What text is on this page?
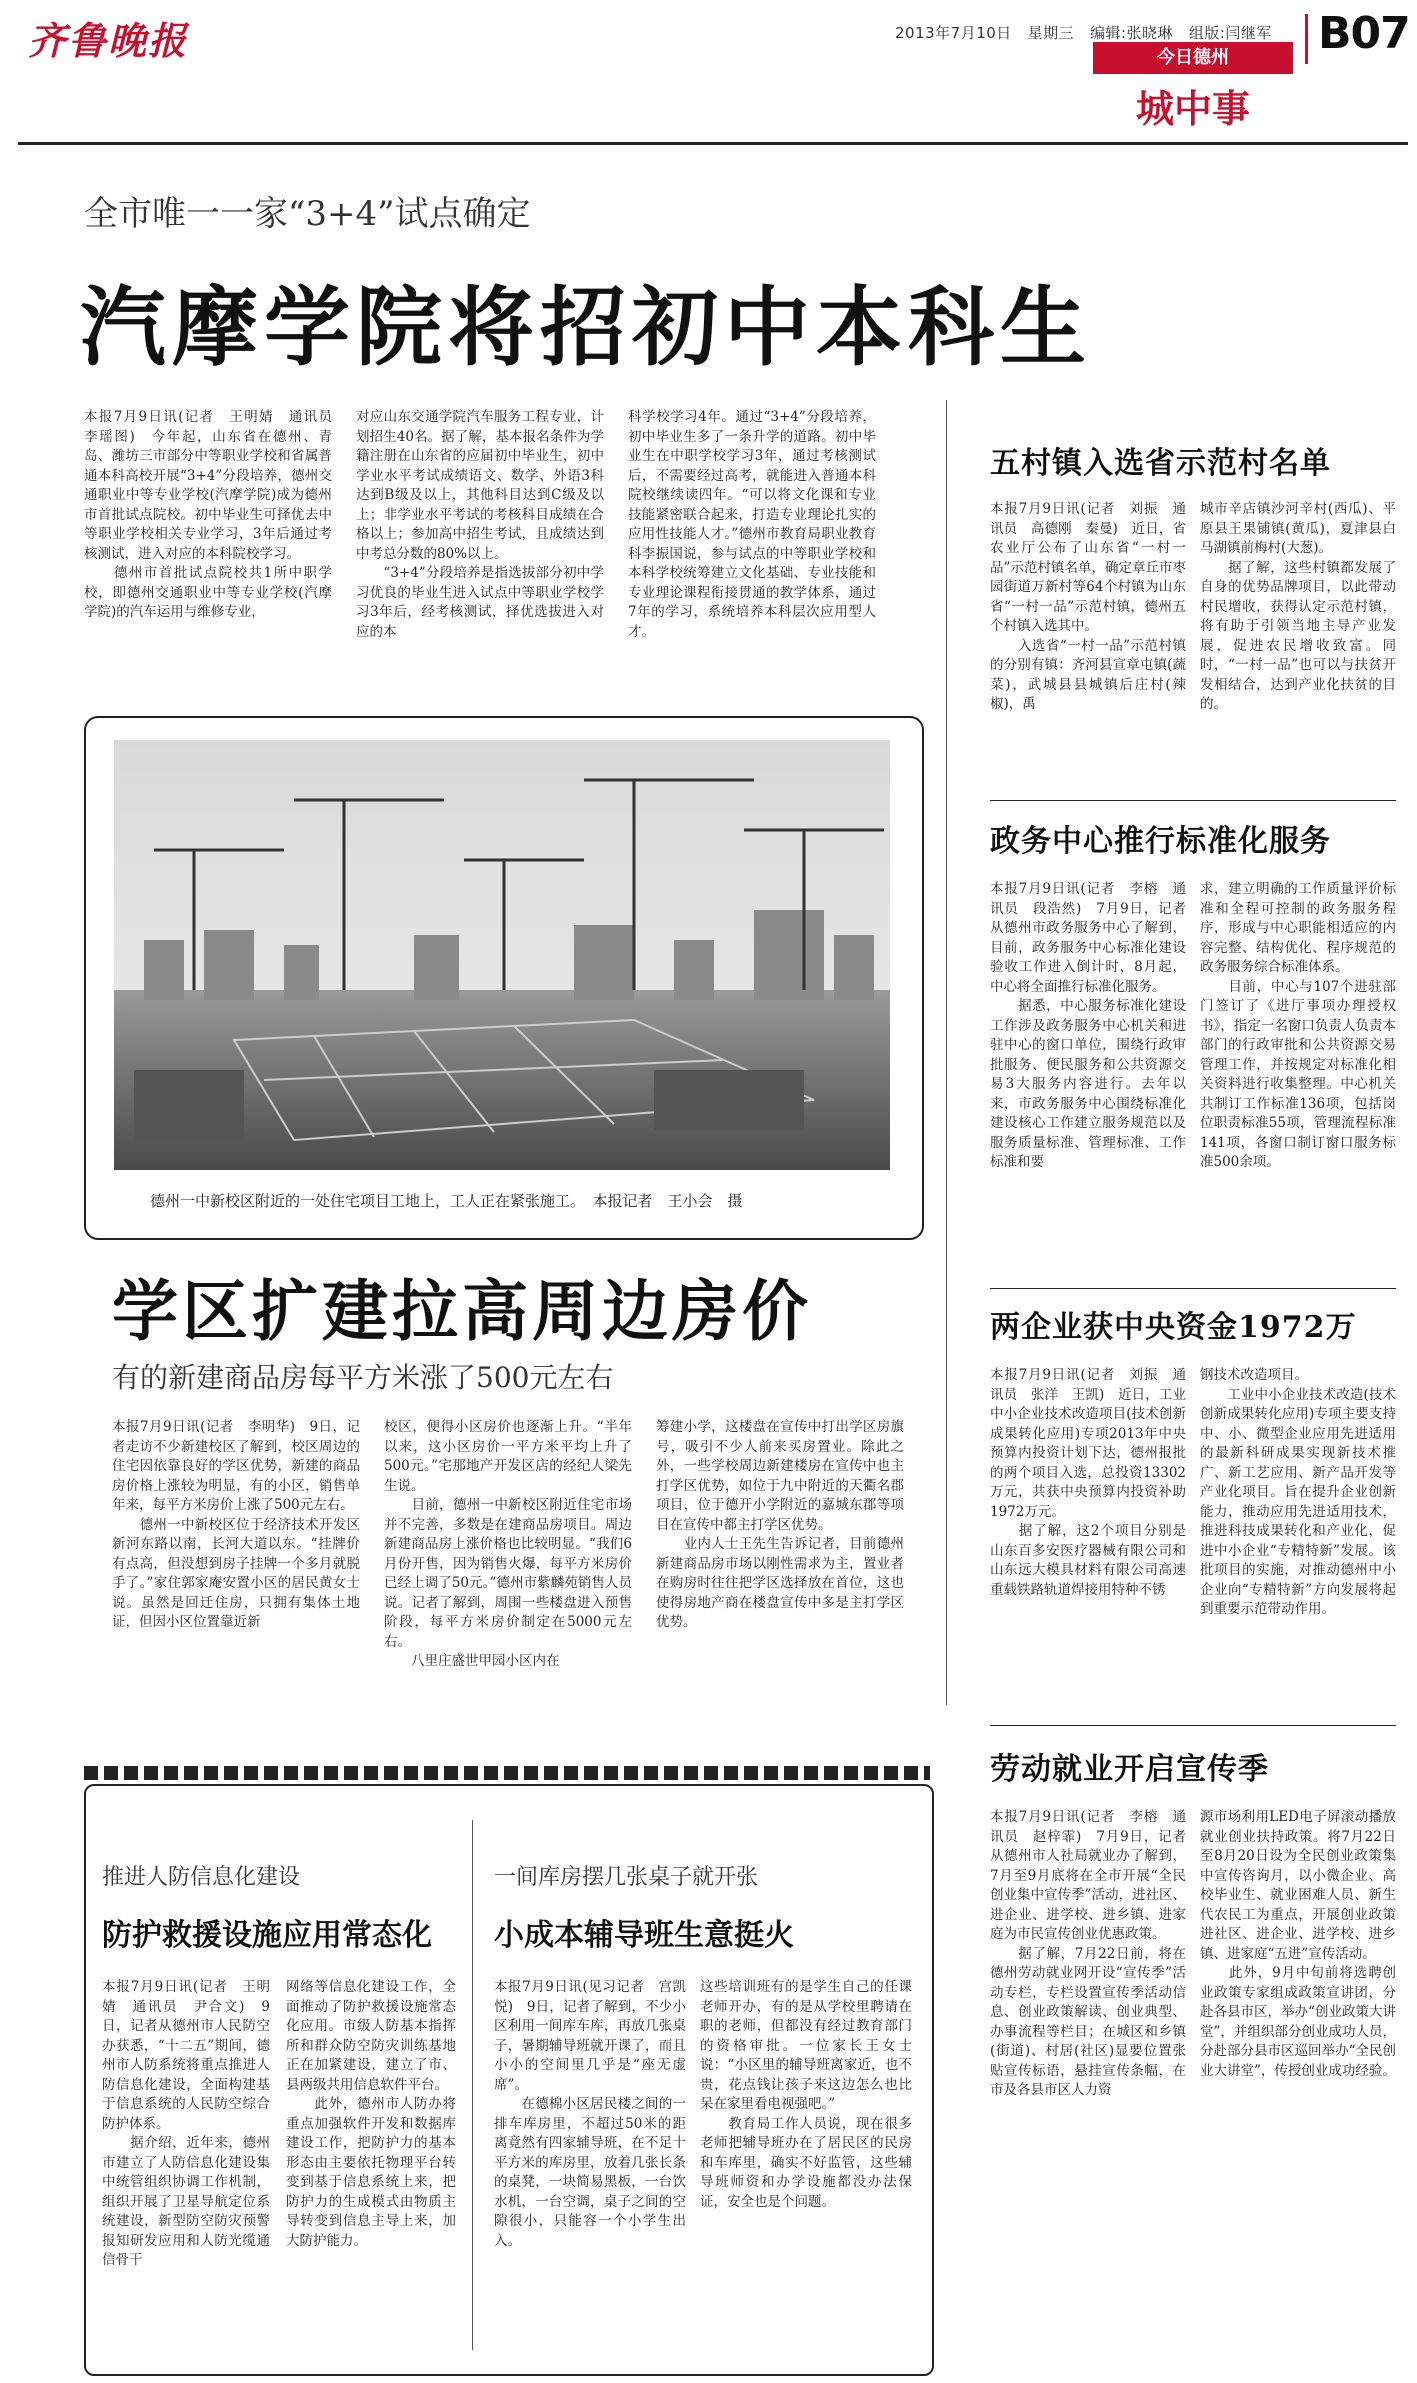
齐鲁晚报	2013年7月10日 星期三 编辑:张晓琳 组版:闫继军 B07
今日德州
城中事
全市唯一一家“3+4”试点确定
汽摩学院将招初中本科生
本报7月9日讯(记者　王明婧　通讯员　李瑶图)　今年起，山东省在德州、青岛、潍坊三市部分中等职业学校和省属普通本科高校开展“3+4”分段培养，德州交通职业中等专业学校(汽摩学院)成为德州市首批试点院校。初中毕业生可择优去中等职业学校相关专业学习，3年后通过考核测试，进入对应的本科院校学习。
　　德州市首批试点院校共1所中职学校，即德州交通职业中等专业学校(汽摩学院)的汽车运用与维修专业，
对应山东交通学院汽车服务工程专业，计划招生40名。据了解，基本报名条件为学籍注册在山东省的应届初中毕业生，初中学业水平考试成绩语文、数学、外语3科达到B级及以上，其他科目达到C级及以上；非学业水平考试的考核科目成绩在合格以上；参加高中招生考试，且成绩达到中考总分数的80%以上。
　　“3+4”分段培养是指选拔部分初中学习优良的毕业生进入试点中等职业学校学习3年后，经考核测试，择优选拔进入对应的本
科学校学习4年。通过“3+4”分段培养，初中毕业生多了一条升学的道路。初中毕业生在中职学校学习3年，通过考核测试后，不需要经过高考，就能进入普通本科院校继续读四年。“可以将文化课和专业技能紧密联合起来，打造专业理论扎实的应用性技能人才。”德州市教育局职业教育科李振国说，参与试点的中等职业学校和本科学校统筹建立文化基础、专业技能和专业理论课程衔接贯通的教学体系，通过7年的学习，系统培养本科层次应用型人才。
德州一中新校区附近的一处住宅项目工地上，工人正在紧张施工。　本报记者　王小会　摄
学区扩建拉高周边房价
有的新建商品房每平方米涨了500元左右
本报7月9日讯(记者　李明华)　9日，记者走访不少新建校区了解到，校区周边的住宅因依靠良好的学区优势，新建的商品房价格上涨较为明显，有的小区，销售单年来，每平方米房价上涨了500元左右。
　　德州一中新校区位于经济技术开发区新河东路以南，长河大道以东。“挂牌价有点高，但没想到房子挂牌一个多月就脱手了。”家住郭家庵安置小区的居民黄女士说。虽然是回迁住房，只拥有集体土地证，但因小区位置靠近新
校区，便得小区房价也逐渐上升。“半年以来，这小区房价一平方米平均上升了500元。”宅那地产开发区店的经纪人梁先生说。
　　目前，德州一中新校区附近住宅市场并不完善，多数是在建商品房项目。周边新建商品房上涨价格也比较明显。“我们6月份开售，因为销售火爆，每平方米房价已经上调了50元。”德州市紫麟苑销售人员说。记者了解到，周围一些楼盘进入预售阶段，每平方米房价制定在5000元左右。
　　八里庄盛世甲园小区内在
筹建小学，这楼盘在宣传中打出学区房旗号，吸引不少人前来买房置业。除此之外，一些学校周边新建楼房在宣传中也主打学区优势，如位于九中附近的天衢名郡项目，位于德开小学附近的嘉城东郡等项目在宣传中都主打学区优势。
　　业内人士王先生告诉记者，目前德州新建商品房市场以刚性需求为主，置业者在购房时往往把学区选择放在首位，这也使得房地产商在楼盘宣传中多是主打学区优势。
推进人防信息化建设
防护救援设施应用常态化
本报7月9日讯(记者　王明婧　通讯员　尹合文)　9日，记者从德州市人民防空办获悉，“十二五”期间，德州市人防系统将重点推进人防信息化建设，全面构建基于信息系统的人民防空综合防护体系。
　　据介绍，近年来，德州市建立了人防信息化建设集中统管组织协调工作机制，组织开展了卫星导航定位系统建设，新型防空防灾预警报知研发应用和人防光缆通信骨干
网络等信息化建设工作，全面推动了防护救援设施常态化应用。市级人防基本指挥所和群众防空防灾训练基地正在加紧建设，建立了市、县两级共用信息软件平台。
　　此外，德州市人防办将重点加强软件开发和数据库建设工作，把防护力的基本形态由主要依托物理平台转变到基于信息系统上来，把防护力的生成模式由物质主导转变到信息主导上来，加大防护能力。
一间库房摆几张桌子就开张
小成本辅导班生意挺火
本报7月9日讯(见习记者　宫凯悦)　9日，记者了解到，不少小区利用一间库车库，再放几张桌子，暑期辅导班就开课了，而且小小的空间里几乎是“座无虚席”。
　　在德棉小区居民楼之间的一排车库房里，不超过50米的距离竟然有四家辅导班，在不足十平方米的库房里，放着几张长条的桌凳，一块简易黑板，一台饮水机，一台空调，桌子之间的空隙很小，只能容一个小学生出入。
这些培训班有的是学生自己的任课老师开办，有的是从学校里聘请在职的老师，但都没有经过教育部门的资格审批。一位家长王女士说：“小区里的辅导班离家近，也不贵，花点钱让孩子来这边怎么也比呆在家里看电视强吧。”
　　教育局工作人员说，现在很多老师把辅导班办在了居民区的民房和车库里，确实不好监管，这些辅导班师资和办学设施都没办法保证，安全也是个问题。
五村镇入选省示范村名单
本报7月9日讯(记者　刘振　通讯员　高德刚　秦曼)　近日，省农业厅公布了山东省“一村一品”示范村镇名单，确定章丘市枣园街道万新村等64个村镇为山东省“一村一品”示范村镇，德州五个村镇入选其中。
　　入选省“一村一品”示范村镇的分别有镇：齐河县宣章屯镇(蔬菜)，武城县县城镇后庄村(辣椒)，禹
城市辛店镇沙河辛村(西瓜)、平原县王果铺镇(黄瓜)，夏津县白马湖镇前梅村(大葱)。
　　据了解，这些村镇都发展了自身的优势品牌项目，以此带动村民增收，获得认定示范村镇，将有助于引领当地主导产业发展，促进农民增收致富。同时，“一村一品”也可以与扶贫开发相结合，达到产业化扶贫的目的。
政务中心推行标准化服务
本报7月9日讯(记者　李榕　通讯员　段浩然)　7月9日，记者从德州市政务服务中心了解到，目前，政务服务中心标准化建设验收工作进入倒计时，8月起，中心将全面推行标准化服务。
　　据悉，中心服务标准化建设工作涉及政务服务中心机关和进驻中心的窗口单位，围绕行政审批服务、便民服务和公共资源交易3大服务内容进行。去年以来，市政务服务中心围绕标准化建设核心工作建立服务规范以及服务质量标准、管理标准、工作标准和要
求，建立明确的工作质量评价标准和全程可控制的政务服务程序，形成与中心职能相适应的内容完整、结构优化、程序规范的政务服务综合标准体系。
　　目前，中心与107个进驻部门签订了《进厅事项办理授权书》，指定一名窗口负责人负责本部门的行政审批和公共资源交易管理工作，并按规定对标准化相关资料进行收集整理。中心机关共制订工作标准136项，包括岗位职责标准55项，管理流程标准141项，各窗口制订窗口服务标准500余项。
两企业获中央资金1972万
本报7月9日讯(记者　刘振　通讯员　张洋　王凯)　近日，工业中小企业技术改造项目(技术创新成果转化应用)专项2013年中央预算内投资计划下达，德州报批的两个项目入选，总投资13302万元，共获中央预算内投资补助1972万元。
　　据了解，这2个项目分别是山东百多安医疗器械有限公司和山东远大模具材料有限公司高速重载铁路轨道焊接用特种不锈
钢技术改造项目。
　　工业中小企业技术改造(技术创新成果转化应用)专项主要支持中、小、微型企业应用先进适用的最新科研成果实现新技术推广、新工艺应用、新产品开发等产业化项目。旨在提升企业创新能力，推动应用先进适用技术，推进科技成果转化和产业化，促进中小企业“专精特新”发展。该批项目的实施，对推动德州中小企业向“专精特新”方向发展将起到重要示范带动作用。
劳动就业开启宣传季
本报7月9日讯(记者　李榕　通讯员　赵梓霏)　7月9日，记者从德州市人社局就业办了解到，7月至9月底将在全市开展“全民创业集中宣传季”活动，进社区、进企业、进学校、进乡镇、进家庭为市民宣传创业优惠政策。
　　据了解，7月22日前，将在德州劳动就业网开设“宣传季”活动专栏，专栏设置宣传季活动信息、创业政策解读、创业典型、办事流程等栏目；在城区和乡镇(街道)、村居(社区)显要位置张贴宣传标语，悬挂宣传条幅，在市及各县市区人力资
源市场利用LED电子屏滚动播放就业创业扶持政策。将7月22日至8月20日设为全民创业政策集中宣传咨询月，以小微企业、高校毕业生、就业困难人员、新生代农民工为重点，开展创业政策进社区、进企业、进学校、进乡镇、进家庭“五进”宣传活动。
　　此外，9月中旬前将选聘创业政策专家组成政策宣讲团，分赴各县市区，举办“创业政策大讲堂”，并组织部分创业成功人员，分赴部分县市区巡回举办“全民创业大讲堂”，传授创业成功经验。
